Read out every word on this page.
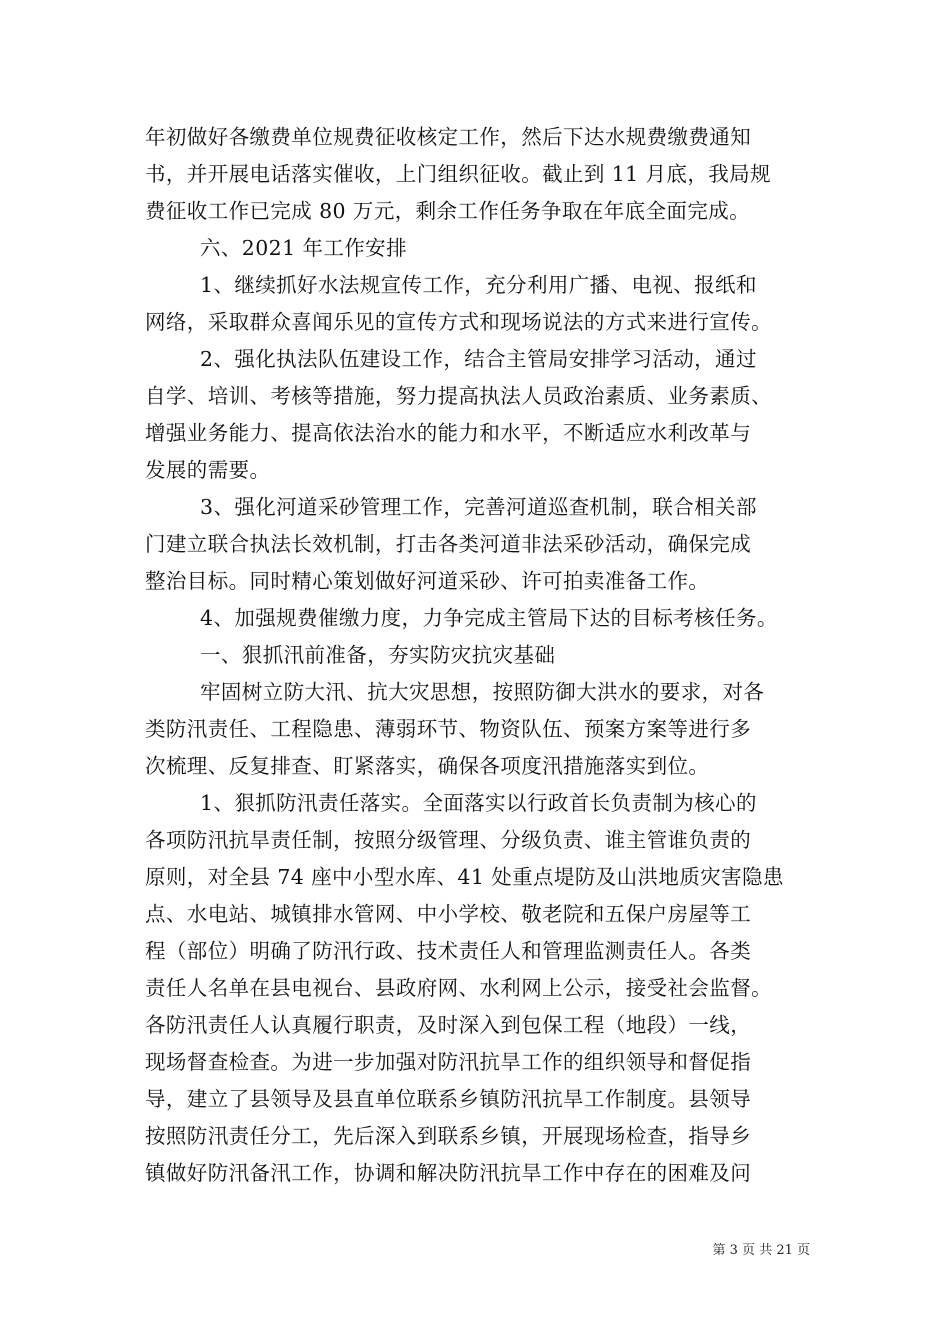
年初做好各缴费单位规费征收核定工作，然后下达水规费缴费通知
书，并开展电话落实催收，上门组织征收。截止到 11 月底，我局规
费征收工作已完成 80 万元，剩余工作任务争取在年底全面完成。
六、2021 年工作安排
1、继续抓好水法规宣传工作，充分利用广播、电视、报纸和
网络，采取群众喜闻乐见的宣传方式和现场说法的方式来进行宣传。
2、强化执法队伍建设工作，结合主管局安排学习活动，通过
自学、培训、考核等措施，努力提高执法人员政治素质、业务素质、
增强业务能力、提高依法治水的能力和水平，不断适应水利改革与
发展的需要。
3、强化河道采砂管理工作，完善河道巡查机制，联合相关部
门建立联合执法长效机制，打击各类河道非法采砂活动，确保完成
整治目标。同时精心策划做好河道采砂、许可拍卖准备工作。
4、加强规费催缴力度，力争完成主管局下达的目标考核任务。
一、狠抓汛前准备，夯实防灾抗灾基础
牢固树立防大汛、抗大灾思想，按照防御大洪水的要求，对各
类防汛责任、工程隐患、薄弱环节、物资队伍、预案方案等进行多
次梳理、反复排查、盯紧落实，确保各项度汛措施落实到位。
1、狠抓防汛责任落实。全面落实以行政首长负责制为核心的
各项防汛抗旱责任制，按照分级管理、分级负责、谁主管谁负责的
原则，对全县 74 座中小型水库、41 处重点堤防及山洪地质灾害隐患
点、水电站、城镇排水管网、中小学校、敬老院和五保户房屋等工
程（部位）明确了防汛行政、技术责任人和管理监测责任人。各类
责任人名单在县电视台、县政府网、水利网上公示，接受社会监督。
各防汛责任人认真履行职责，及时深入到包保工程（地段）一线，
现场督查检查。为进一步加强对防汛抗旱工作的组织领导和督促指
导，建立了县领导及县直单位联系乡镇防汛抗旱工作制度。县领导
按照防汛责任分工，先后深入到联系乡镇，开展现场检查，指导乡
镇做好防汛备汛工作，协调和解决防汛抗旱工作中存在的困难及问
第 3 页 共 21 页
